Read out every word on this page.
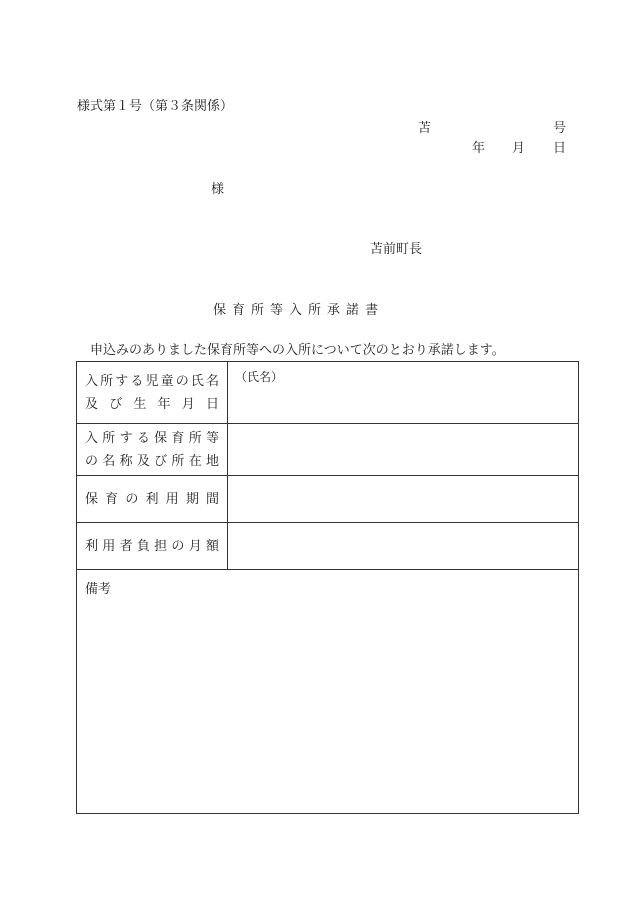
様式第１号（第３条関係）
苫	号
年 月 日
様
苫前町長
保育所等入所承諾書
申込みのありました保育所等への入所について次のとおり承諾します。
入所する児童の氏名
及び生年月日
（氏名）
入所する保育所等
の名称及び所在地
保育の利用期間
利用者負担の月額
備考
